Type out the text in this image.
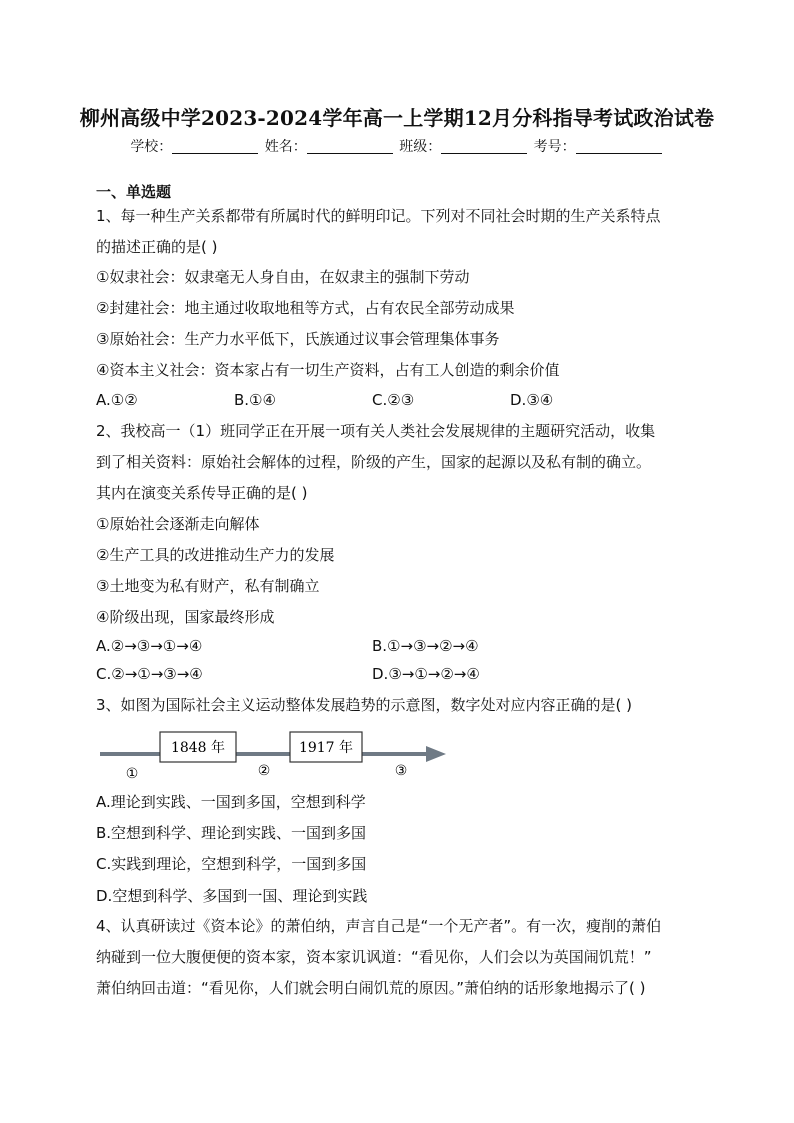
柳州高级中学2023-2024学年高一上学期12月分科指导考试政治试卷
学校：	姓名：	班级：	考号：
一、单选题
1、每一种生产关系都带有所属时代的鲜明印记。下列对不同社会时期的生产关系特点
的描述正确的是( )
①奴隶社会：奴隶毫无人身自由，在奴隶主的强制下劳动
②封建社会：地主通过收取地租等方式，占有农民全部劳动成果
③原始社会：生产力水平低下，氏族通过议事会管理集体事务
④资本主义社会：资本家占有一切生产资料，占有工人创造的剩余价值
A.①②	B.①④	C.②③	D.③④
2、我校高一（1）班同学正在开展一项有关人类社会发展规律的主题研究活动，收集
到了相关资料：原始社会解体的过程，阶级的产生，国家的起源以及私有制的确立。
其内在演变关系传导正确的是( )
①原始社会逐渐走向解体
②生产工具的改进推动生产力的发展
③土地变为私有财产，私有制确立
④阶级出现，国家最终形成
A.②→③→①→④	B.①→③→②→④
C.②→①→③→④	D.③→①→②→④
3、如图为国际社会主义运动整体发展趋势的示意图，数字处对应内容正确的是( )
1848 年	1917 年
①	②	③
A.理论到实践、一国到多国，空想到科学
B.空想到科学、理论到实践、一国到多国
C.实践到理论，空想到科学，一国到多国
D.空想到科学、多国到一国、理论到实践
4、认真研读过《资本论》的萧伯纳，声言自己是“一个无产者”。有一次，瘦削的萧伯
纳碰到一位大腹便便的资本家，资本家讥讽道：“看见你，人们会以为英国闹饥荒！”
萧伯纳回击道：“看见你，人们就会明白闹饥荒的原因。”萧伯纳的话形象地揭示了( )
